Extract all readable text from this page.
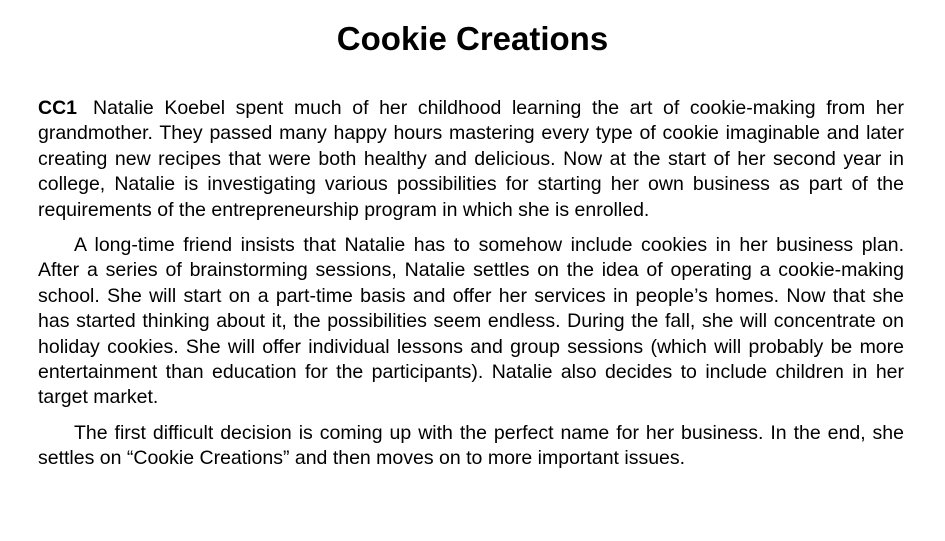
Cookie Creations

CC1 Natalie Koebel spent much of her childhood learning the art of cookie-making from her grandmother. They passed many happy hours mastering every type of cookie imaginable and later creating new recipes that were both healthy and delicious. Now at the start of her second year in college, Natalie is investigating various possibilities for starting her own business as part of the requirements of the entrepreneurship program in which she is enrolled.

A long-time friend insists that Natalie has to somehow include cookies in her business plan. After a series of brainstorming sessions, Natalie settles on the idea of operating a cookie-making school. She will start on a part-time basis and offer her services in people’s homes. Now that she has started thinking about it, the possibilities seem endless. During the fall, she will concentrate on holiday cookies. She will offer individual lessons and group sessions (which will probably be more entertainment than education for the participants). Natalie also decides to include children in her target market.

The first difficult decision is coming up with the perfect name for her business. In the end, she settles on “Cookie Creations” and then moves on to more important issues.
